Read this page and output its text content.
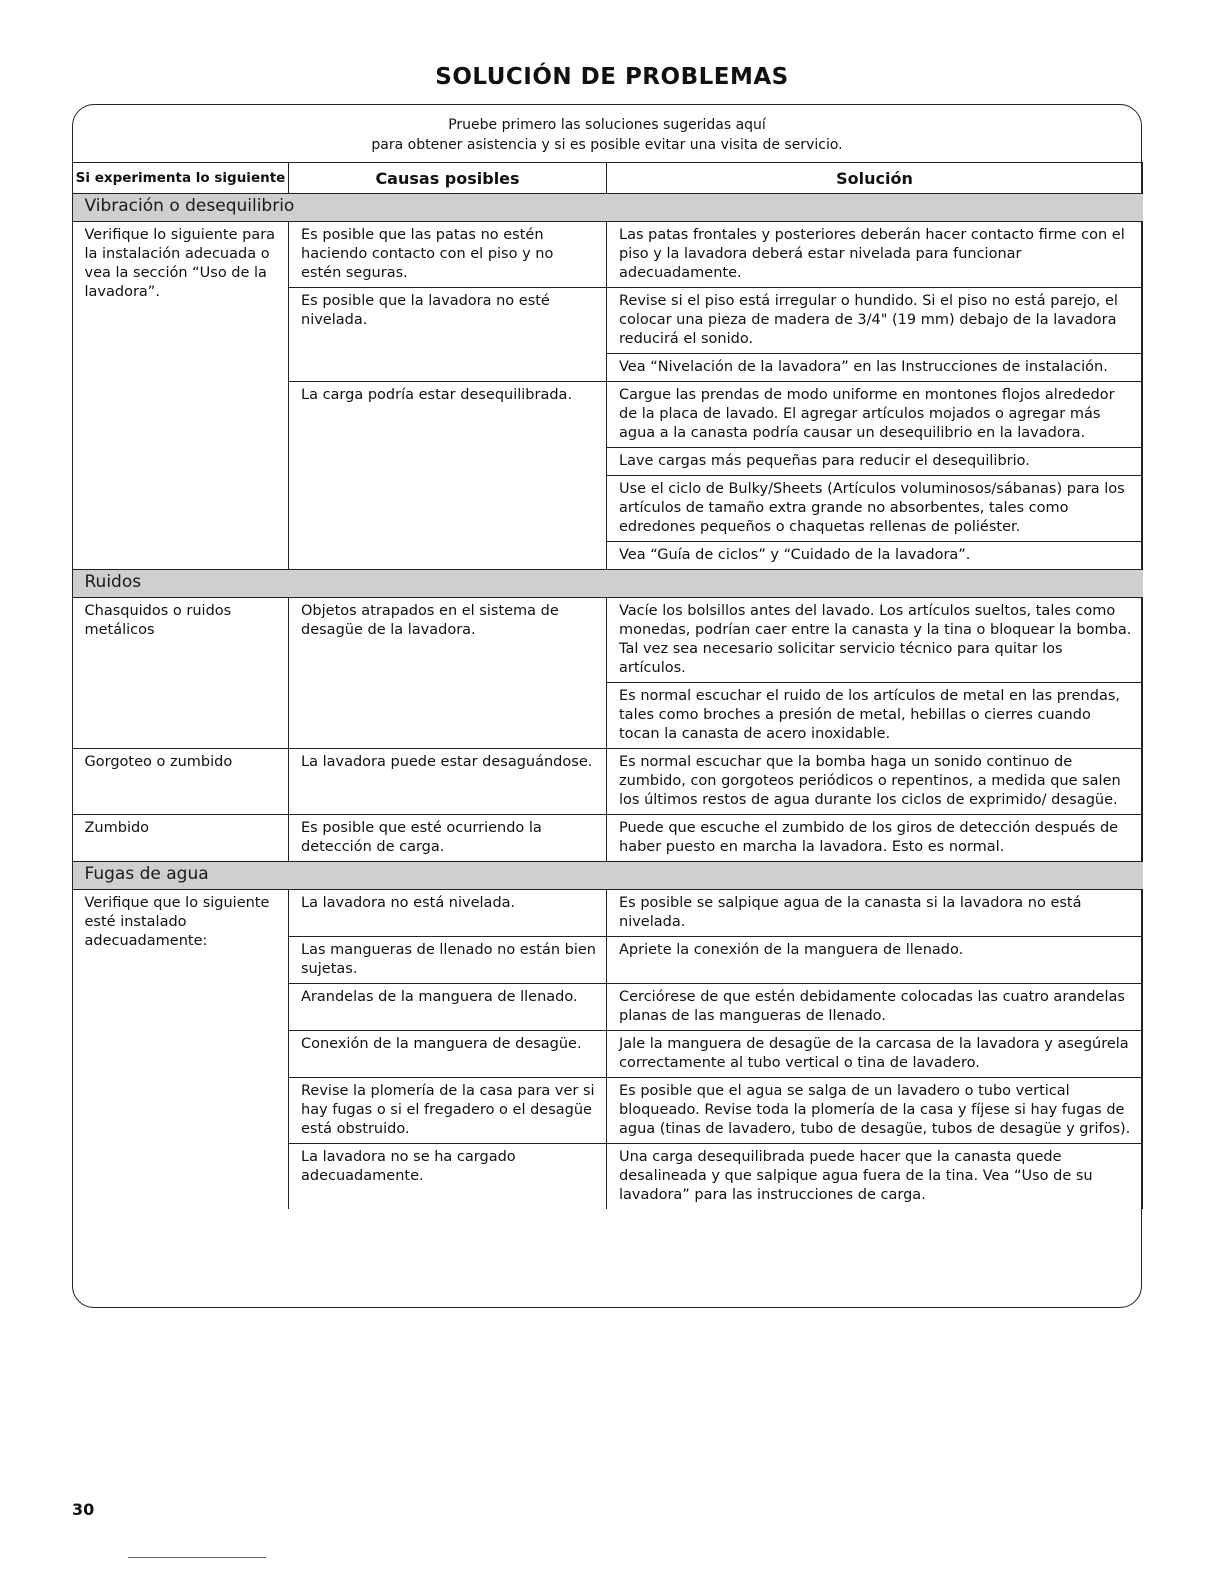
SOLUCIÓN DE PROBLEMAS
Pruebe primero las soluciones sugeridas aquí
para obtener asistencia y si es posible evitar una visita de servicio.
Si experimenta lo siguiente	Causas posibles	Solución
Vibración o desequilibrio		
Verifique lo siguiente para la instalación adecuada o vea la sección “Uso de la lavadora”.	Es posible que las patas no estén haciendo contacto con el piso y no estén seguras.	Las patas frontales y posteriores deberán hacer contacto firme con el piso y la lavadora deberá estar nivelada para funcionar adecuadamente.
	Es posible que la lavadora no esté nivelada.	Revise si el piso está irregular o hundido. Si el piso no está parejo, el colocar una pieza de madera de 3/4" (19 mm) debajo de la lavadora reducirá el sonido.
		Vea “Nivelación de la lavadora” en las Instrucciones de instalación.
	La carga podría estar desequilibrada.	Cargue las prendas de modo uniforme en montones flojos alrededor de la placa de lavado. El agregar artículos mojados o agregar más agua a la canasta podría causar un desequilibrio en la lavadora.
		Lave cargas más pequeñas para reducir el desequilibrio.
		Use el ciclo de Bulky/Sheets (Artículos voluminosos/sábanas) para los artículos de tamaño extra grande no absorbentes, tales como edredones pequeños o chaquetas rellenas de poliéster.
		Vea “Guía de ciclos” y “Cuidado de la lavadora”.
Ruidos		
Chasquidos o ruidos metálicos	Objetos atrapados en el sistema de desagüe de la lavadora.	Vacíe los bolsillos antes del lavado. Los artículos sueltos, tales como monedas, podrían caer entre la canasta y la tina o bloquear la bomba. Tal vez sea necesario solicitar servicio técnico para quitar los artículos.
		Es normal escuchar el ruido de los artículos de metal en las prendas, tales como broches a presión de metal, hebillas o cierres cuando tocan la canasta de acero inoxidable.
Gorgoteo o zumbido	La lavadora puede estar desaguándose.	Es normal escuchar que la bomba haga un sonido continuo de zumbido, con gorgoteos periódicos o repentinos, a medida que salen los últimos restos de agua durante los ciclos de exprimido/ desagüe.
Zumbido	Es posible que esté ocurriendo la detección de carga.	Puede que escuche el zumbido de los giros de detección después de haber puesto en marcha la lavadora. Esto es normal.
Fugas de agua		
Verifique que lo siguiente esté instalado adecuadamente:	La lavadora no está nivelada.	Es posible se salpique agua de la canasta si la lavadora no está nivelada.
	Las mangueras de llenado no están bien sujetas.	Apriete la conexión de la manguera de llenado.
	Arandelas de la manguera de llenado.	Cerciórese de que estén debidamente colocadas las cuatro arandelas planas de las mangueras de llenado.
	Conexión de la manguera de desagüe.	Jale la manguera de desagüe de la carcasa de la lavadora y asegúrela correctamente al tubo vertical o tina de lavadero.
	Revise la plomería de la casa para ver si hay fugas o si el fregadero o el desagüe está obstruido.	Es posible que el agua se salga de un lavadero o tubo vertical bloqueado. Revise toda la plomería de la casa y fíjese si hay fugas de agua (tinas de lavadero, tubo de desagüe, tubos de desagüe y grifos).
	La lavadora no se ha cargado adecuadamente.	Una carga desequilibrada puede hacer que la canasta quede desalineada y que salpique agua fuera de la tina. Vea “Uso de su lavadora” para las instrucciones de carga.
30
